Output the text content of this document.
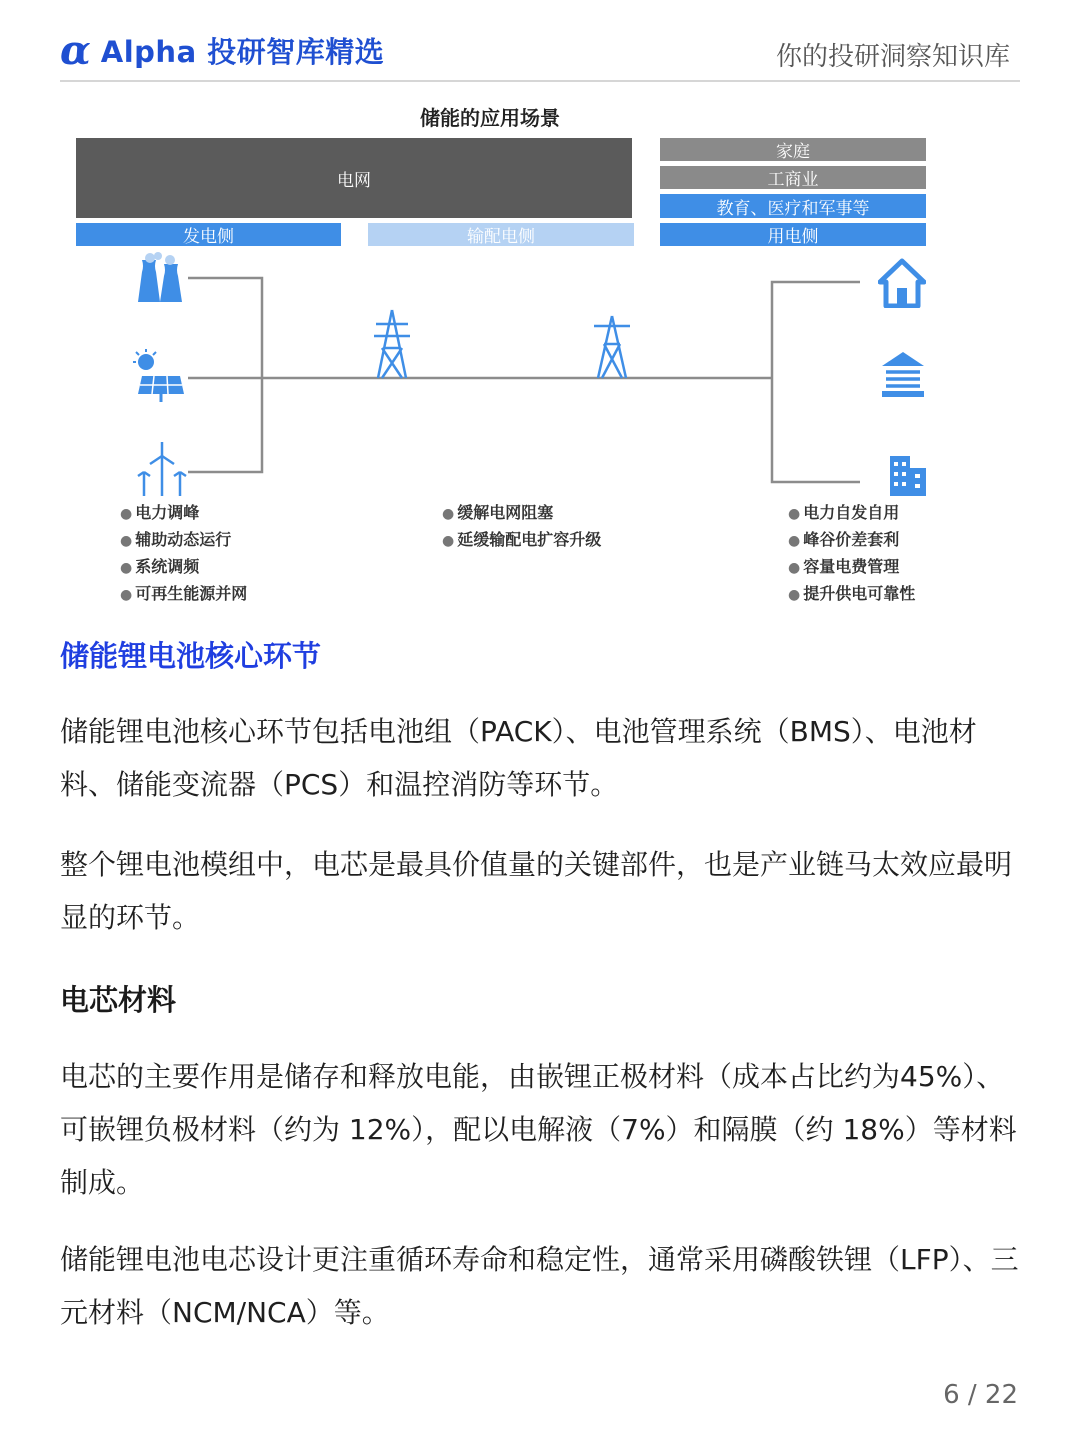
α Alpha 投研智库精选	你的投研洞察知识库
储能的应用场景
电网
家庭
工商业
教育、医疗和军事等
发电侧	输配电侧	用电侧
● 电力调峰
● 辅助动态运行
● 系统调频
● 可再生能源并网
● 缓解电网阻塞
● 延缓输配电扩容升级
● 电力自发自用
● 峰谷价差套利
● 容量电费管理
● 提升供电可靠性
储能锂电池核心环节
储能锂电池核心环节包括电池组（PACK）、电池管理系统（BMS）、电池材料、储能变流器（PCS）和温控消防等环节。
整个锂电池模组中，电芯是最具价值量的关键部件，也是产业链马太效应最明显的环节。
电芯材料
电芯的主要作用是储存和释放电能，由嵌锂正极材料（成本占比约为45%）、可嵌锂负极材料（约为 12%），配以电解液（7%）和隔膜（约 18%）等材料制成。
储能锂电池电芯设计更注重循环寿命和稳定性，通常采用磷酸铁锂（LFP）、三元材料（NCM/NCA）等。
6 / 22
